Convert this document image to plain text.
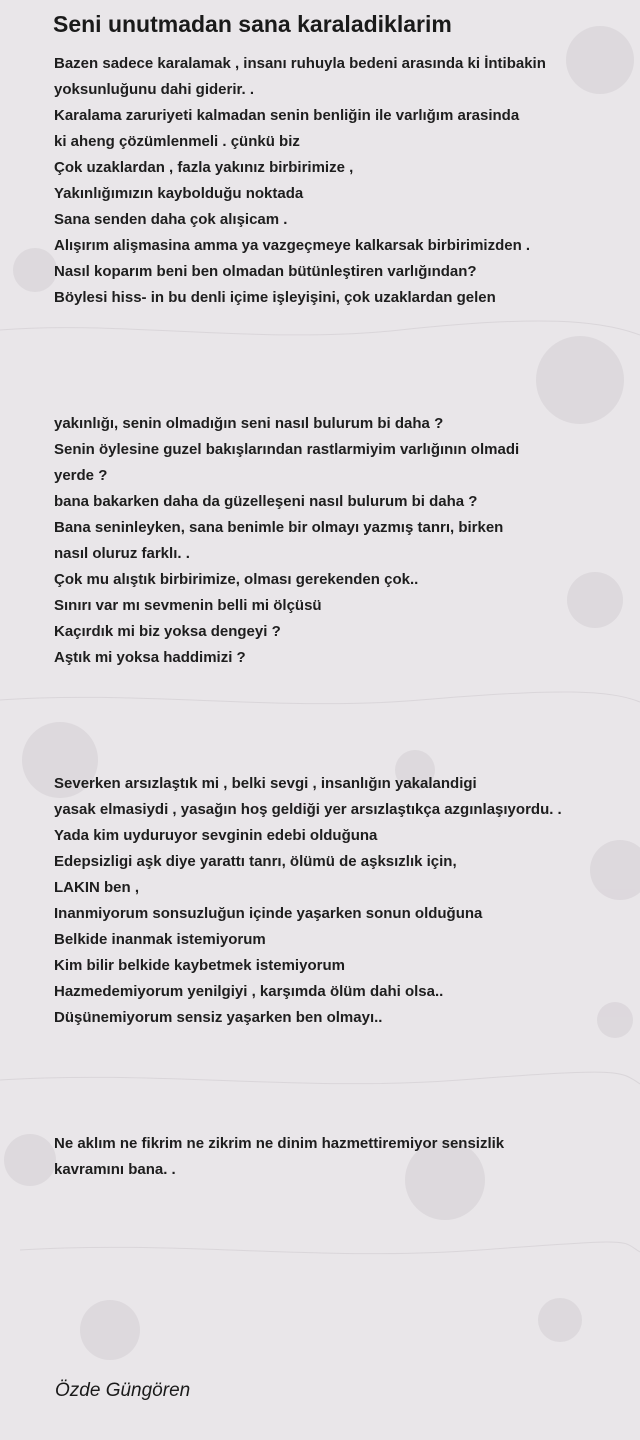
Seni unutmadan sana karaladiklarim
Bazen sadece karalamak , insanı ruhuyla bedeni arasında ki İntibakin
yoksunluğunu dahi giderir. .
Karalama zaruriyeti kalmadan senin benliğin ile varlığım arasinda
ki aheng çözümlenmeli . çünkü biz
Çok uzaklardan , fazla yakınız birbirimize ,
Yakınlığımızın kaybolduğu noktada
Sana senden daha çok alışicam .
Alışırım alişmasina amma ya vazgeçmeye kalkarsak birbirimizden .
Nasıl koparım beni ben olmadan bütünleştiren varlığından?
Böylesi hiss- in bu denli içime işleyişini, çok uzaklardan gelen
yakınlığı, senin olmadığın seni nasıl bulurum bi daha ?
Senin öylesine guzel bakışlarından rastlarmiyim varlığının olmadi
yerde ?
bana bakarken daha da güzelleşeni nasıl bulurum bi daha ?
Bana seninleyken, sana benimle bir olmayı yazmış tanrı, birken
nasıl oluruz farklı. .
Çok mu alıştık birbirimize, olması gerekenden çok..
Sınırı var mı sevmenin belli mi ölçüsü
Kaçırdık mi biz yoksa dengeyi ?
Aştık mi yoksa haddimizi ?
Severken arsızlaştık mi , belki sevgi , insanlığın yakalandigi
yasak elmasiydi , yasağın hoş geldiği yer arsızlaştıkça azgınlaşıyordu. .
Yada kim uyduruyor sevginin edebi olduğuna
Edepsizligi aşk diye yarattı tanrı, ölümü de aşksızlık için,
LAKIN ben ,
Inanmiyorum sonsuzluğun içinde yaşarken sonun olduğuna
Belkide inanmak istemiyorum
Kim bilir belkide kaybetmek istemiyorum
Hazmedemiyorum yenilgiyi , karşımda ölüm dahi olsa..
Düşünemiyorum sensiz yaşarken ben olmayı..
Ne aklım ne fikrim ne zikrim ne dinim hazmettiremiyor sensizlik
kavramını bana. .
Özde Güngören
